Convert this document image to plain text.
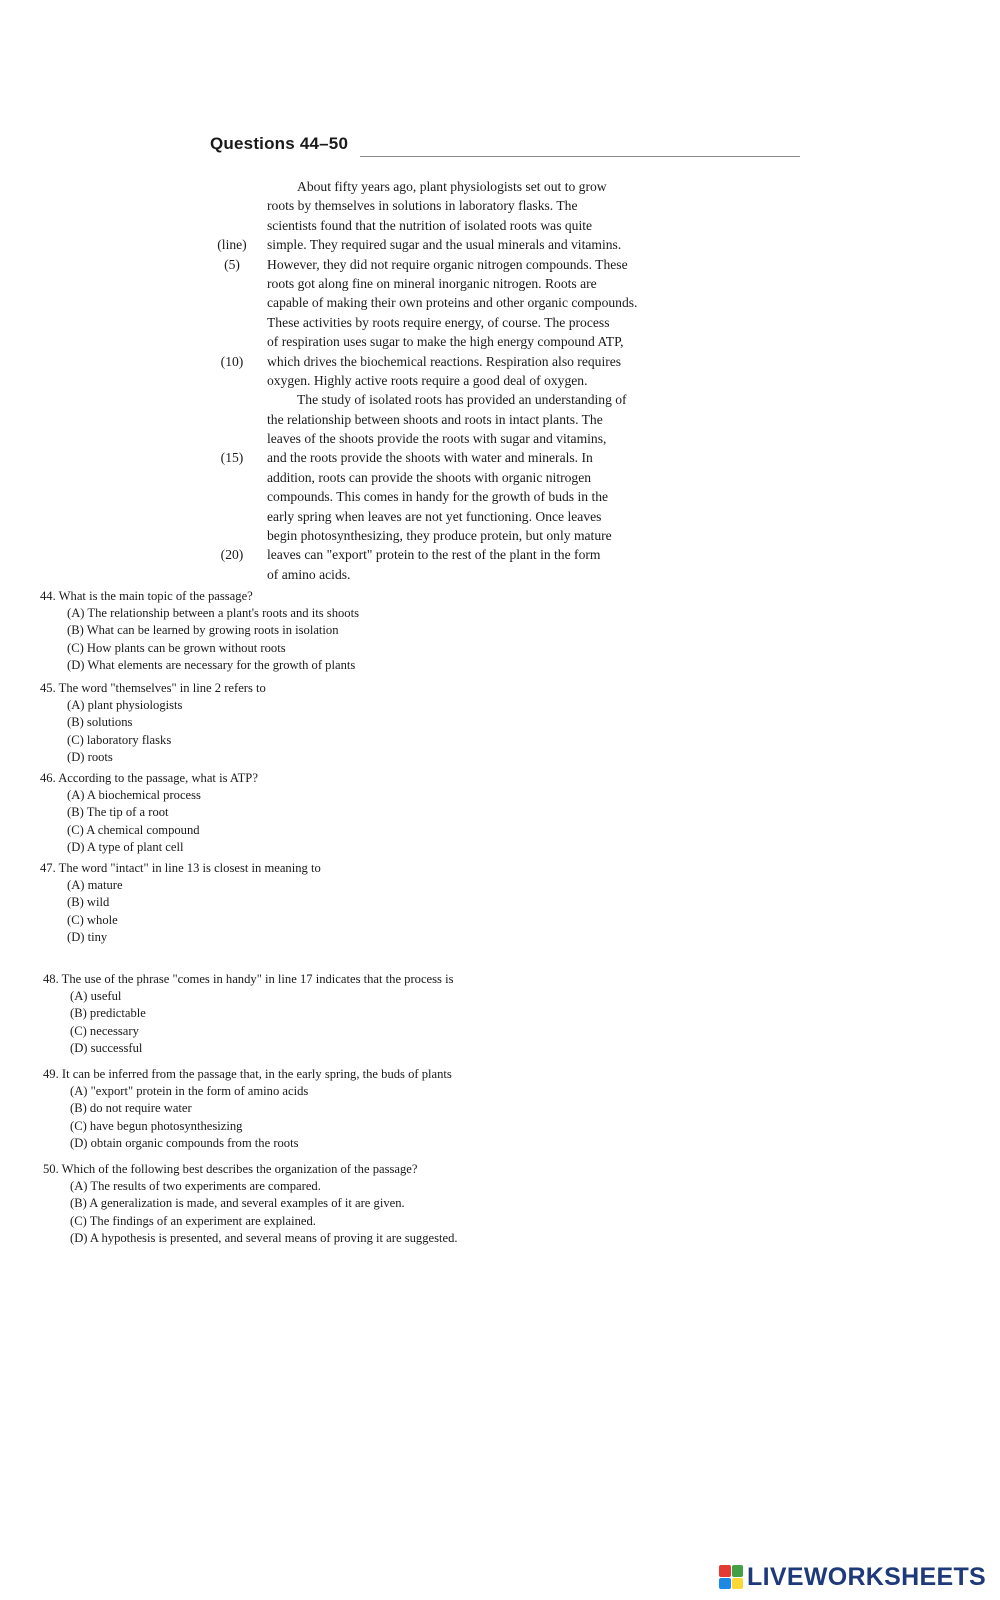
Questions 44–50
About fifty years ago, plant physiologists set out to grow
roots by themselves in solutions in laboratory flasks. The
scientists found that the nutrition of isolated roots was quite
(line)	simple. They required sugar and the usual minerals and vitamins.
(5)	However, they did not require organic nitrogen compounds. These
roots got along fine on mineral inorganic nitrogen. Roots are
capable of making their own proteins and other organic compounds.
These activities by roots require energy, of course. The process
of respiration uses sugar to make the high energy compound ATP,
(10)	which drives the biochemical reactions. Respiration also requires
oxygen. Highly active roots require a good deal of oxygen.
The study of isolated roots has provided an understanding of
the relationship between shoots and roots in intact plants. The
leaves of the shoots provide the roots with sugar and vitamins,
(15)	and the roots provide the shoots with water and minerals. In
addition, roots can provide the shoots with organic nitrogen
compounds. This comes in handy for the growth of buds in the
early spring when leaves are not yet functioning. Once leaves
begin photosynthesizing, they produce protein, but only mature
(20)	leaves can "export" protein to the rest of the plant in the form
of amino acids.
44. What is the main topic of the passage?
(A) The relationship between a plant's roots and its shoots
(B) What can be learned by growing roots in isolation
(C) How plants can be grown without roots
(D) What elements are necessary for the growth of plants
45. The word "themselves" in line 2 refers to
(A) plant physiologists
(B) solutions
(C) laboratory flasks
(D) roots
46. According to the passage, what is ATP?
(A) A biochemical process
(B) The tip of a root
(C) A chemical compound
(D) A type of plant cell
47. The word "intact" in line 13 is closest in meaning to
(A) mature
(B) wild
(C) whole
(D) tiny
48. The use of the phrase "comes in handy" in line 17 indicates that the process is
(A) useful
(B) predictable
(C) necessary
(D) successful
49. It can be inferred from the passage that, in the early spring, the buds of plants
(A) "export" protein in the form of amino acids
(B) do not require water
(C) have begun photosynthesizing
(D) obtain organic compounds from the roots
50. Which of the following best describes the organization of the passage?
(A) The results of two experiments are compared.
(B) A generalization is made, and several examples of it are given.
(C) The findings of an experiment are explained.
(D) A hypothesis is presented, and several means of proving it are suggested.
LIVEWORKSHEETS
